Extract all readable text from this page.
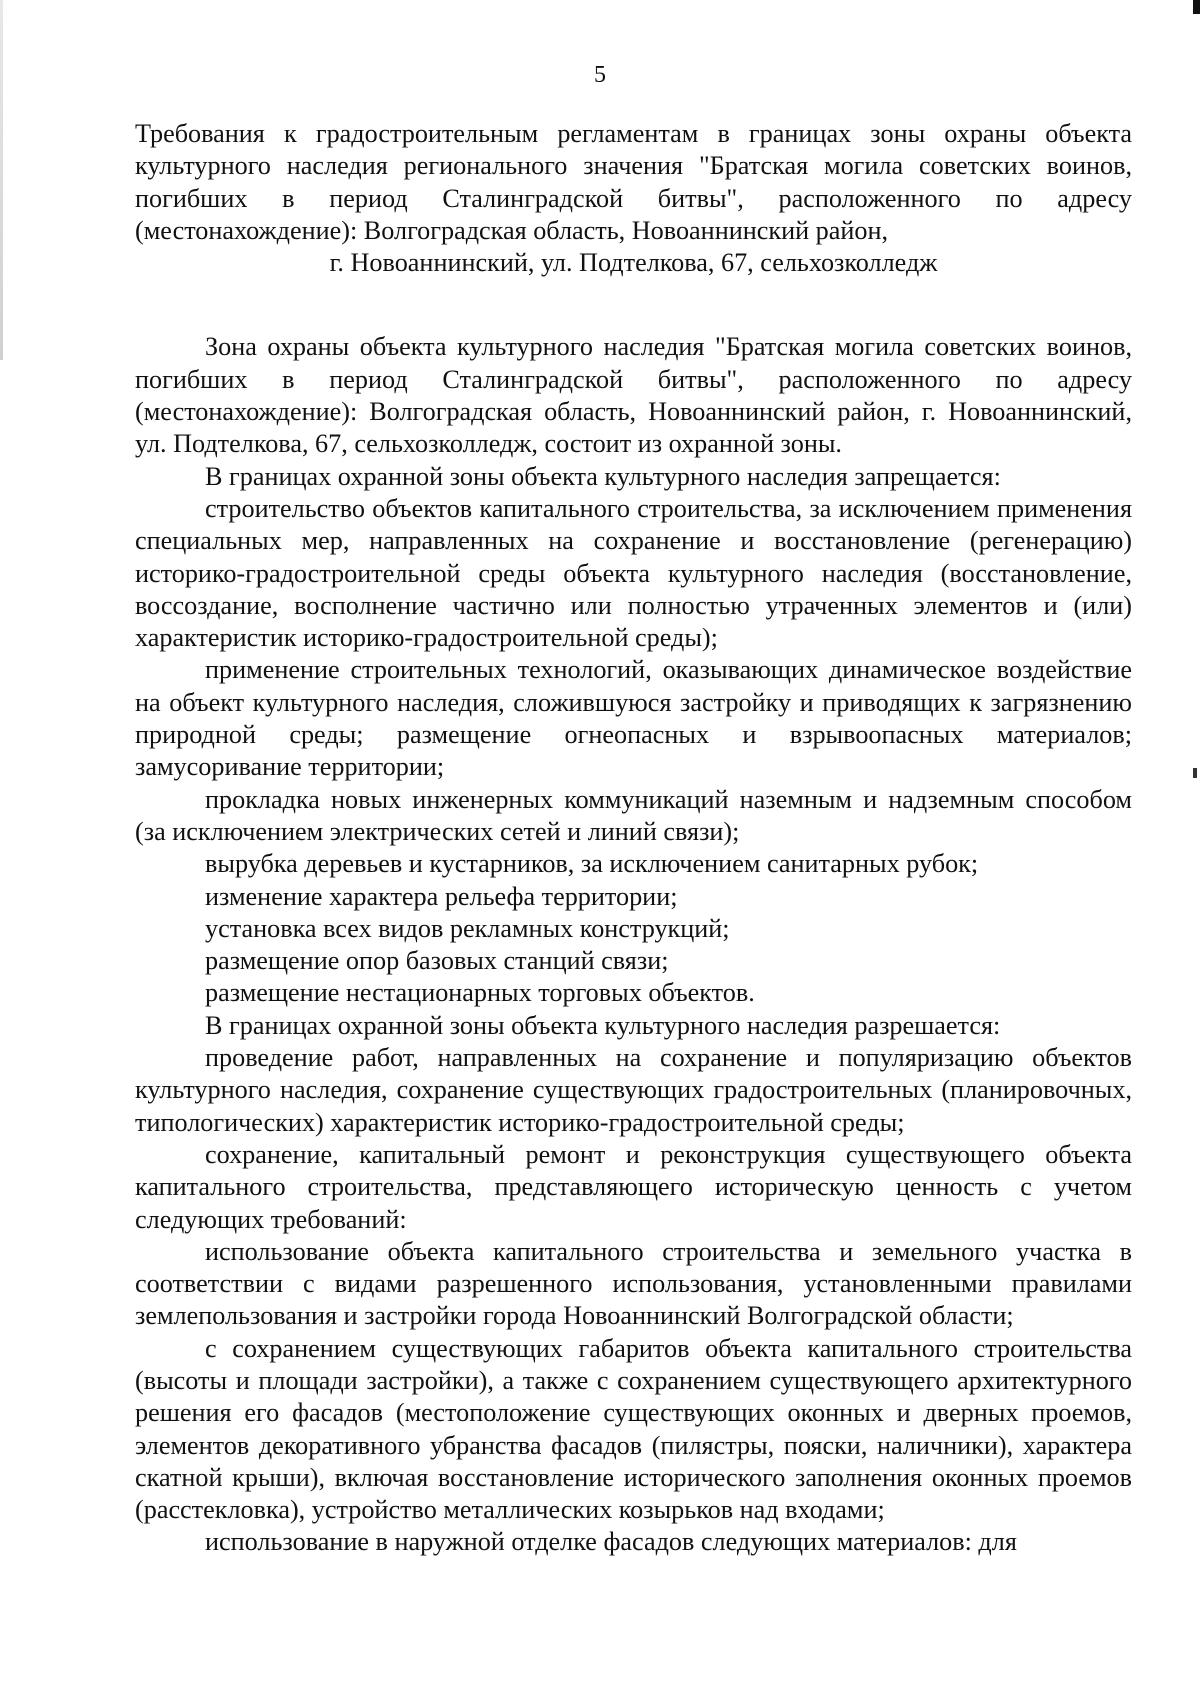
5

Требования к градостроительным регламентам в границах зоны охраны объекта культурного наследия регионального значения "Братская могила советских воинов, погибших в период Сталинградской битвы", расположенного по адресу (местонахождение): Волгоградская область, Новоаннинский район,

г. Новоаннинский, ул. Подтелкова, 67, сельхозколледж

Зона охраны объекта культурного наследия "Братская могила советских воинов, погибших в период Сталинградской битвы", расположенного по адресу (местонахождение): Волгоградская область, Новоаннинский район, г. Новоаннинский, ул. Подтелкова, 67, сельхозколледж, состоит из охранной зоны.

В границах охранной зоны объекта культурного наследия запрещается:

строительство объектов капитального строительства, за исключением применения специальных мер, направленных на сохранение и восстановление (регенерацию) историко-градостроительной среды объекта культурного наследия (восстановление, воссоздание, восполнение частично или полностью утраченных элементов и (или) характеристик историко-градостроительной среды);

применение строительных технологий, оказывающих динамическое воздействие на объект культурного наследия, сложившуюся застройку и приводящих к загрязнению природной среды; размещение огнеопасных и взрывоопасных материалов; замусоривание территории;

прокладка новых инженерных коммуникаций наземным и надземным способом (за исключением электрических сетей и линий связи);

вырубка деревьев и кустарников, за исключением санитарных рубок;

изменение характера рельефа территории;

установка всех видов рекламных конструкций;

размещение опор базовых станций связи;

размещение нестационарных торговых объектов.

В границах охранной зоны объекта культурного наследия разрешается:

проведение работ, направленных на сохранение и популяризацию объектов культурного наследия, сохранение существующих градостроительных (планировочных, типологических) характеристик историко-градостроительной среды;

сохранение, капитальный ремонт и реконструкция существующего объекта капитального строительства, представляющего историческую ценность с учетом следующих требований:

использование объекта капитального строительства и земельного участка в соответствии с видами разрешенного использования, установленными правилами землепользования и застройки города Новоаннинский Волгоградской области;

с сохранением существующих габаритов объекта капитального строительства (высоты и площади застройки), а также с сохранением существующего архитектурного решения его фасадов (местоположение существующих оконных и дверных проемов, элементов декоративного убранства фасадов (пилястры, пояски, наличники), характера скатной крыши), включая восстановление исторического заполнения оконных проемов (расстекловка), устройство металлических козырьков над входами;

использование в наружной отделке фасадов следующих материалов: для
